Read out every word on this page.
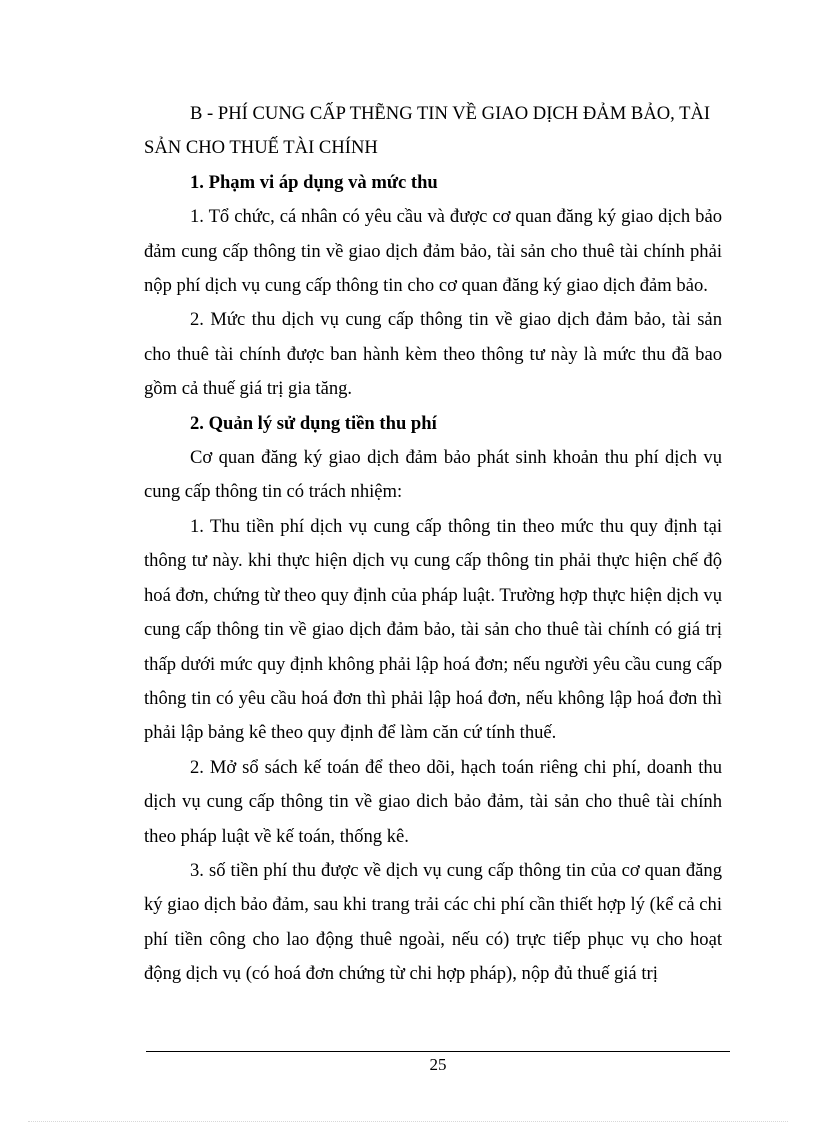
B - PHÍ CUNG CẤP THẼNG TIN VỀ GIAO DỊCH ĐẢM BẢO, TÀI SẢN CHO THUẾ TÀI CHÍNH

1. Phạm vi áp dụng và mức thu

1. Tổ chức, cá nhân có yêu cầu và được cơ quan đăng ký giao dịch bảo đảm cung cấp thông tin về giao dịch đảm bảo, tài sản cho thuê tài chính phải nộp phí dịch vụ cung cấp thông tin cho cơ quan đăng ký giao dịch đảm bảo.

2. Mức thu dịch vụ cung cấp thông tin về giao dịch đảm bảo, tài sản cho thuê tài chính được ban hành kèm theo thông tư này là mức thu đã bao gồm cả thuế giá trị gia tăng.

2. Quản lý sử dụng tiền thu phí

Cơ quan đăng ký giao dịch đảm bảo phát sinh khoản thu phí dịch vụ cung cấp thông tin có trách nhiệm:

1. Thu tiền phí dịch vụ cung cấp thông tin theo mức thu quy định tại thông tư này. khi thực hiện dịch vụ cung cấp thông tin phải thực hiện chế độ hoá đơn, chứng từ theo quy định của pháp luật. Trường hợp thực hiện dịch vụ cung cấp thông tin về giao dịch đảm bảo, tài sản cho thuê tài chính có giá trị thấp dưới mức quy định không phải lập hoá đơn; nếu người yêu cầu cung cấp thông tin có yêu cầu hoá đơn thì phải lập hoá đơn, nếu không lập hoá đơn thì phải lập bảng kê theo quy định để làm căn cứ tính thuế.

2. Mở sổ sách kế toán để theo dõi, hạch toán riêng chi phí, doanh thu dịch vụ cung cấp thông tin về giao dich bảo đảm, tài sản cho thuê tài chính theo pháp luật về kế toán, thống kê.

3. số tiền phí thu được về dịch vụ cung cấp thông tin của cơ quan đăng ký giao dịch bảo đảm, sau khi trang trải các chi phí cần thiết hợp lý (kể cả chi phí tiền công cho lao động thuê ngoài, nếu có) trực tiếp phục vụ cho hoạt động dịch vụ (có hoá đơn chứng từ chi hợp pháp), nộp đủ thuế giá trị

25
